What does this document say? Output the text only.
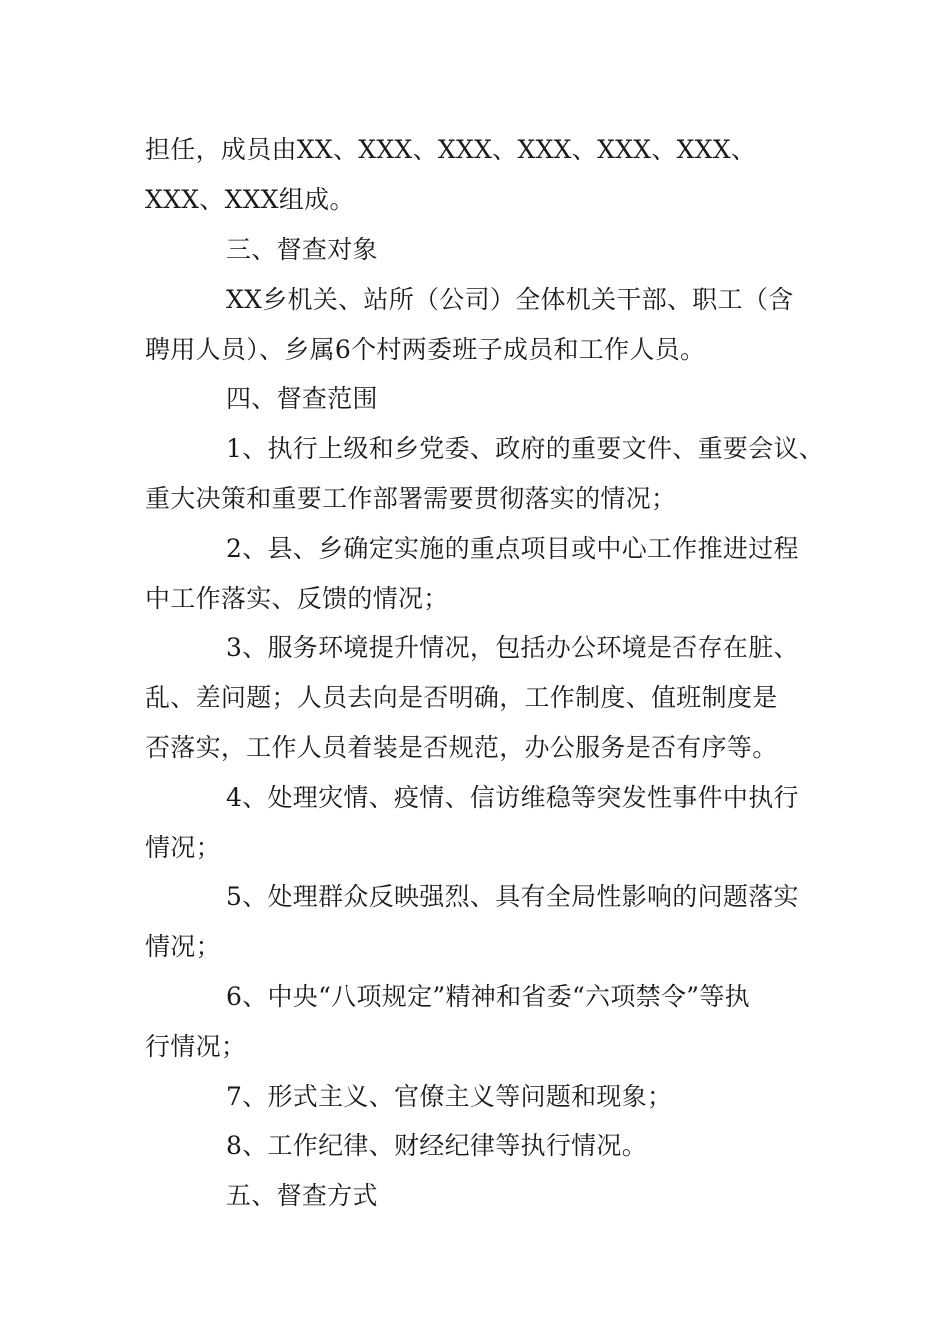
担任，成员由XX、XXX、XXX、XXX、XXX、XXX、
XXX、XXX组成。
三、督查对象
XX乡机关、站所（公司）全体机关干部、职工（含
聘用人员）、乡属6个村两委班子成员和工作人员。
四、督查范围
1、执行上级和乡党委、政府的重要文件、重要会议、
重大决策和重要工作部署需要贯彻落实的情况；
2、县、乡确定实施的重点项目或中心工作推进过程
中工作落实、反馈的情况；
3、服务环境提升情况，包括办公环境是否存在脏、
乱、差问题；人员去向是否明确，工作制度、值班制度是
否落实，工作人员着装是否规范，办公服务是否有序等。
4、处理灾情、疫情、信访维稳等突发性事件中执行
情况；
5、处理群众反映强烈、具有全局性影响的问题落实
情况；
6、中央“八项规定”精神和省委“六项禁令”等执
行情况；
7、形式主义、官僚主义等问题和现象；
8、工作纪律、财经纪律等执行情况。
五、督查方式
